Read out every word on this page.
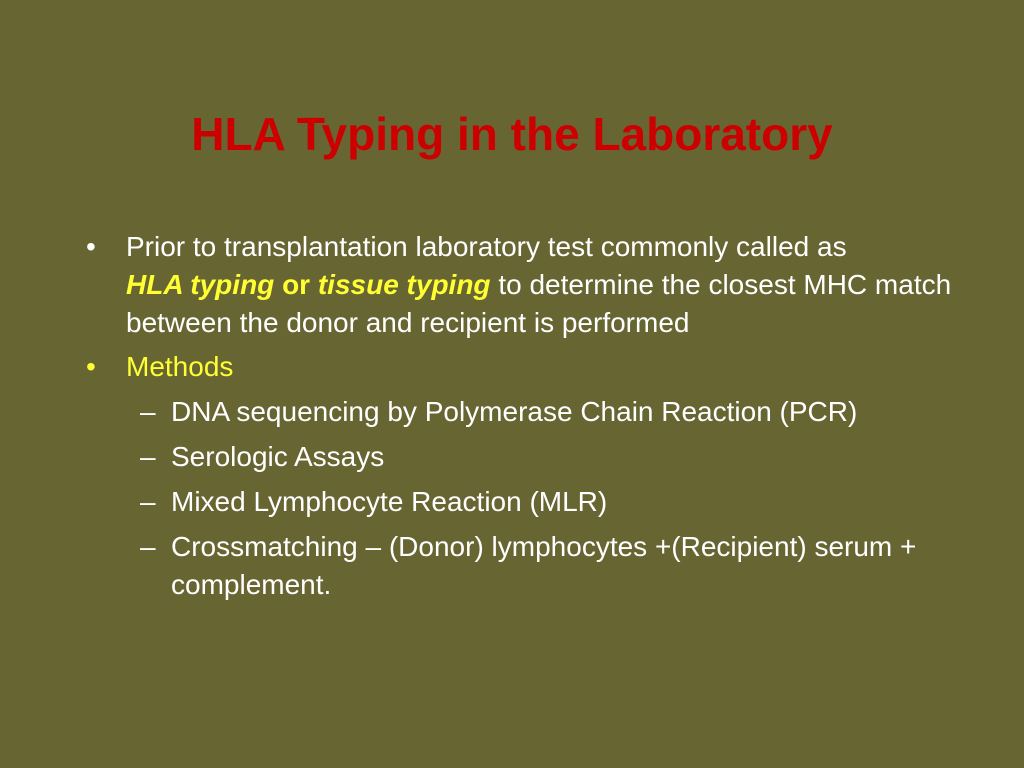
HLA Typing in the Laboratory

• Prior to transplantation laboratory test commonly called as
HLA typing or tissue typing to determine the closest MHC match between the donor and recipient is performed

• Methods

– DNA sequencing by Polymerase Chain Reaction (PCR)

– Serologic Assays

– Mixed Lymphocyte Reaction (MLR)

– Crossmatching – (Donor) lymphocytes +(Recipient) serum + complement.
